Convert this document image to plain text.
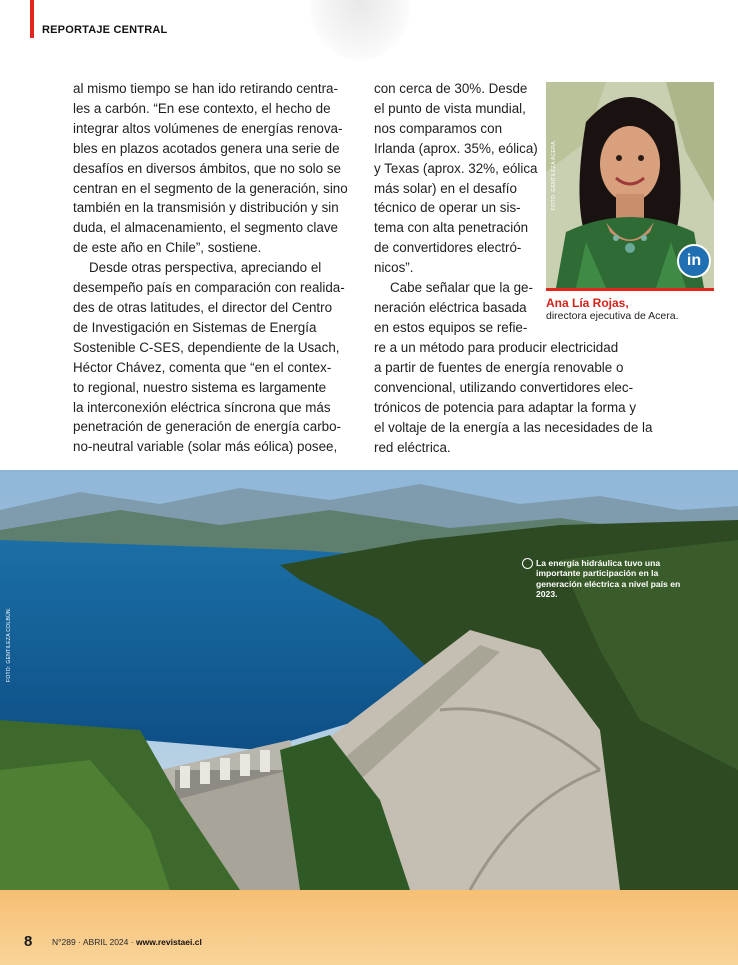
REPORTAJE CENTRAL

al mismo tiempo se han ido retirando centra-
les a carbón. “En ese contexto, el hecho de
integrar altos volúmenes de energías renova-
bles en plazos acotados genera una serie de
desafíos en diversos ámbitos, que no solo se
centran en el segmento de la generación, sino
también en la transmisión y distribución y sin
duda, el almacenamiento, el segmento clave
de este año en Chile”, sostiene.

Desde otras perspectiva, apreciando el
desempeño país en comparación con realida-
des de otras latitudes, el director del Centro
de Investigación en Sistemas de Energía
Sostenible C-SES, dependiente de la Usach,
Héctor Chávez, comenta que “en el contex-
to regional, nuestro sistema es largamente
la interconexión eléctrica síncrona que más
penetración de generación de energía carbo-
no-neutral variable (solar más eólica) posee,

con cerca de 30%. Desde
el punto de vista mundial,
nos comparamos con
Irlanda (aprox. 35%, eólica)
y Texas (aprox. 32%, eólica
más solar) en el desafío
técnico de operar un sis-
tema con alta penetración
de convertidores electró-
nicos”.

Cabe señalar que la ge-
neración eléctrica basada
en estos equipos se refie-

re a un método para producir electricidad
a partir de fuentes de energía renovable o
convencional, utilizando convertidores elec-
trónicos de potencia para adaptar la forma y
el voltaje de la energía a las necesidades de la
red eléctrica.

FOTO: GENTILEZA ACERA.
in
Ana Lía Rojas,
directora ejecutiva de Acera.
FOTO: GENTILEZA COLBÚN.
La energía hidráulica tuvo una importante participación en la generación eléctrica a nivel país en 2023.
8 N°289 · ABRIL 2024 · www.revistaei.cl
